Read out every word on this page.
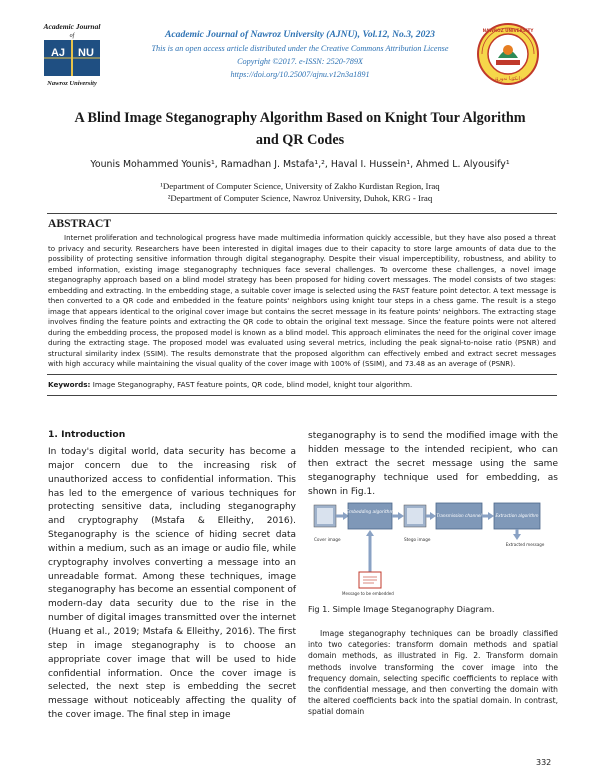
Academic Journal of Nawroz University (AJNU), Vol.12, No.3, 2023
This is an open access article distributed under the Creative Commons Attribution License
Copyright ©2017. e-ISSN: 2520-789X
https://doi.org/10.25007/ajnu.v12n3a1891
Academic Journal
of
AJ NU
Nawroz University
NAWROZ UNIVERSITY
زانكۆیا نەورۆز
A Blind Image Steganography Algorithm Based on Knight Tour Algorithm
and QR Codes
Younis Mohammed Younis¹, Ramadhan J. Mstafa¹,², Haval I. Hussein¹, Ahmed L. Alyousify¹
¹Department of Computer Science, University of Zakho Kurdistan Region, Iraq
²Department of Computer Science, Nawroz University, Duhok, KRG - Iraq
ABSTRACT
Internet proliferation and technological progress have made multimedia information quickly accessible, but they have also posed a threat to privacy and security. Researchers have been interested in digital images due to their capacity to store large amounts of data due to the possibility of protecting sensitive information through digital steganography. Despite their visual imperceptibility, robustness, and ability to embed information, existing image steganography techniques face several challenges. To overcome these challenges, a novel image steganography approach based on a blind model strategy has been proposed for hiding covert messages. The model consists of two stages: embedding and extracting. In the embedding stage, a suitable cover image is selected using the FAST feature point detector. A text message is then converted to a QR code and embedded in the feature points' neighbors using knight tour steps in a chess game. The result is a stego image that appears identical to the original cover image but contains the secret message in its feature points' neighbors. The extracting stage involves finding the feature points and extracting the QR code to obtain the original text message. Since the feature points were not altered during the embedding process, the proposed model is known as a blind model. This approach eliminates the need for the original cover image during the extracting stage. The proposed model was evaluated using several metrics, including the peak signal-to-noise ratio (PSNR) and structural similarity index (SSIM). The results demonstrate that the proposed algorithm can effectively embed and extract secret messages with high accuracy while maintaining the visual quality of the cover image with 100% of (SSIM), and 73.48 as an average of (PSNR).
Keywords: Image Steganography, FAST feature points, QR code, blind model, knight tour algorithm.
1. Introduction
In today's digital world, data security has become a major concern due to the increasing risk of unauthorized access to confidential information. This has led to the emergence of various techniques for protecting sensitive data, including steganography and cryptography (Mstafa & Elleithy, 2016). Steganography is the science of hiding secret data within a medium, such as an image or audio file, while cryptography involves converting a message into an unreadable format. Among these techniques, image steganography has become an essential component of modern-day data security due to the rise in the number of digital images transmitted over the internet (Huang et al., 2019; Mstafa & Elleithy, 2016). The first step in image steganography is to choose an appropriate cover image that will be used to hide confidential information. Once the cover image is selected, the next step is embedding the secret message without noticeably affecting the quality of the cover image. The final step in image
steganography is to send the modified image with the hidden message to the intended recipient, who can then extract the secret message using the same steganography technique used for embedding, as shown in Fig.1.
Embedding algorithm
Transmission channel	Extraction algorithm
Extracted message
Cover image	Stego image
Message to be embedded
Fig 1. Simple Image Steganography Diagram.
Image steganography techniques can be broadly classified into two categories: transform domain methods and spatial domain methods, as illustrated in Fig. 2. Transform domain methods involve transforming the cover image into the frequency domain, selecting specific coefficients to replace with the confidential message, and then converting the domain with the altered coefficients back into the spatial domain. In contrast, spatial domain
332
